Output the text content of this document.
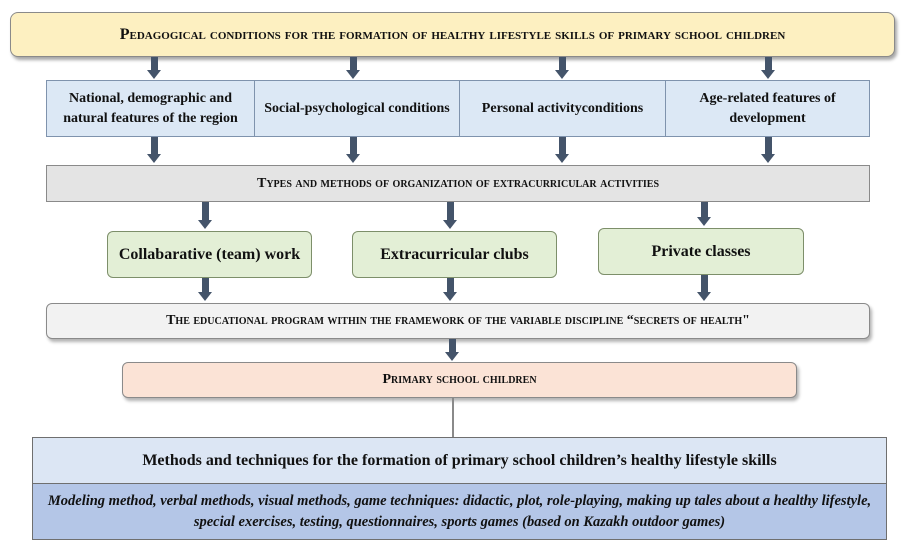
Pedagogical conditions for the formation of healthy lifestyle skills of primary school children
National, demographic and natural features of the region
Social-psychological conditions Personal activityconditions
Age-related features of development
Types and methods of organization of extracurricular activities
Collabarative (team) work	Extracurricular clubs	Private classes
The educational program within the framework of the variable discipline “secrets of health"
Primary school children
Methods and techniques for the formation of primary school children’s healthy lifestyle skills
Modeling method, verbal methods, visual methods, game techniques: didactic, plot, role-playing, making up tales about a healthy lifestyle, special exercises, testing, questionnaires, sports games (based on Kazakh outdoor games)
